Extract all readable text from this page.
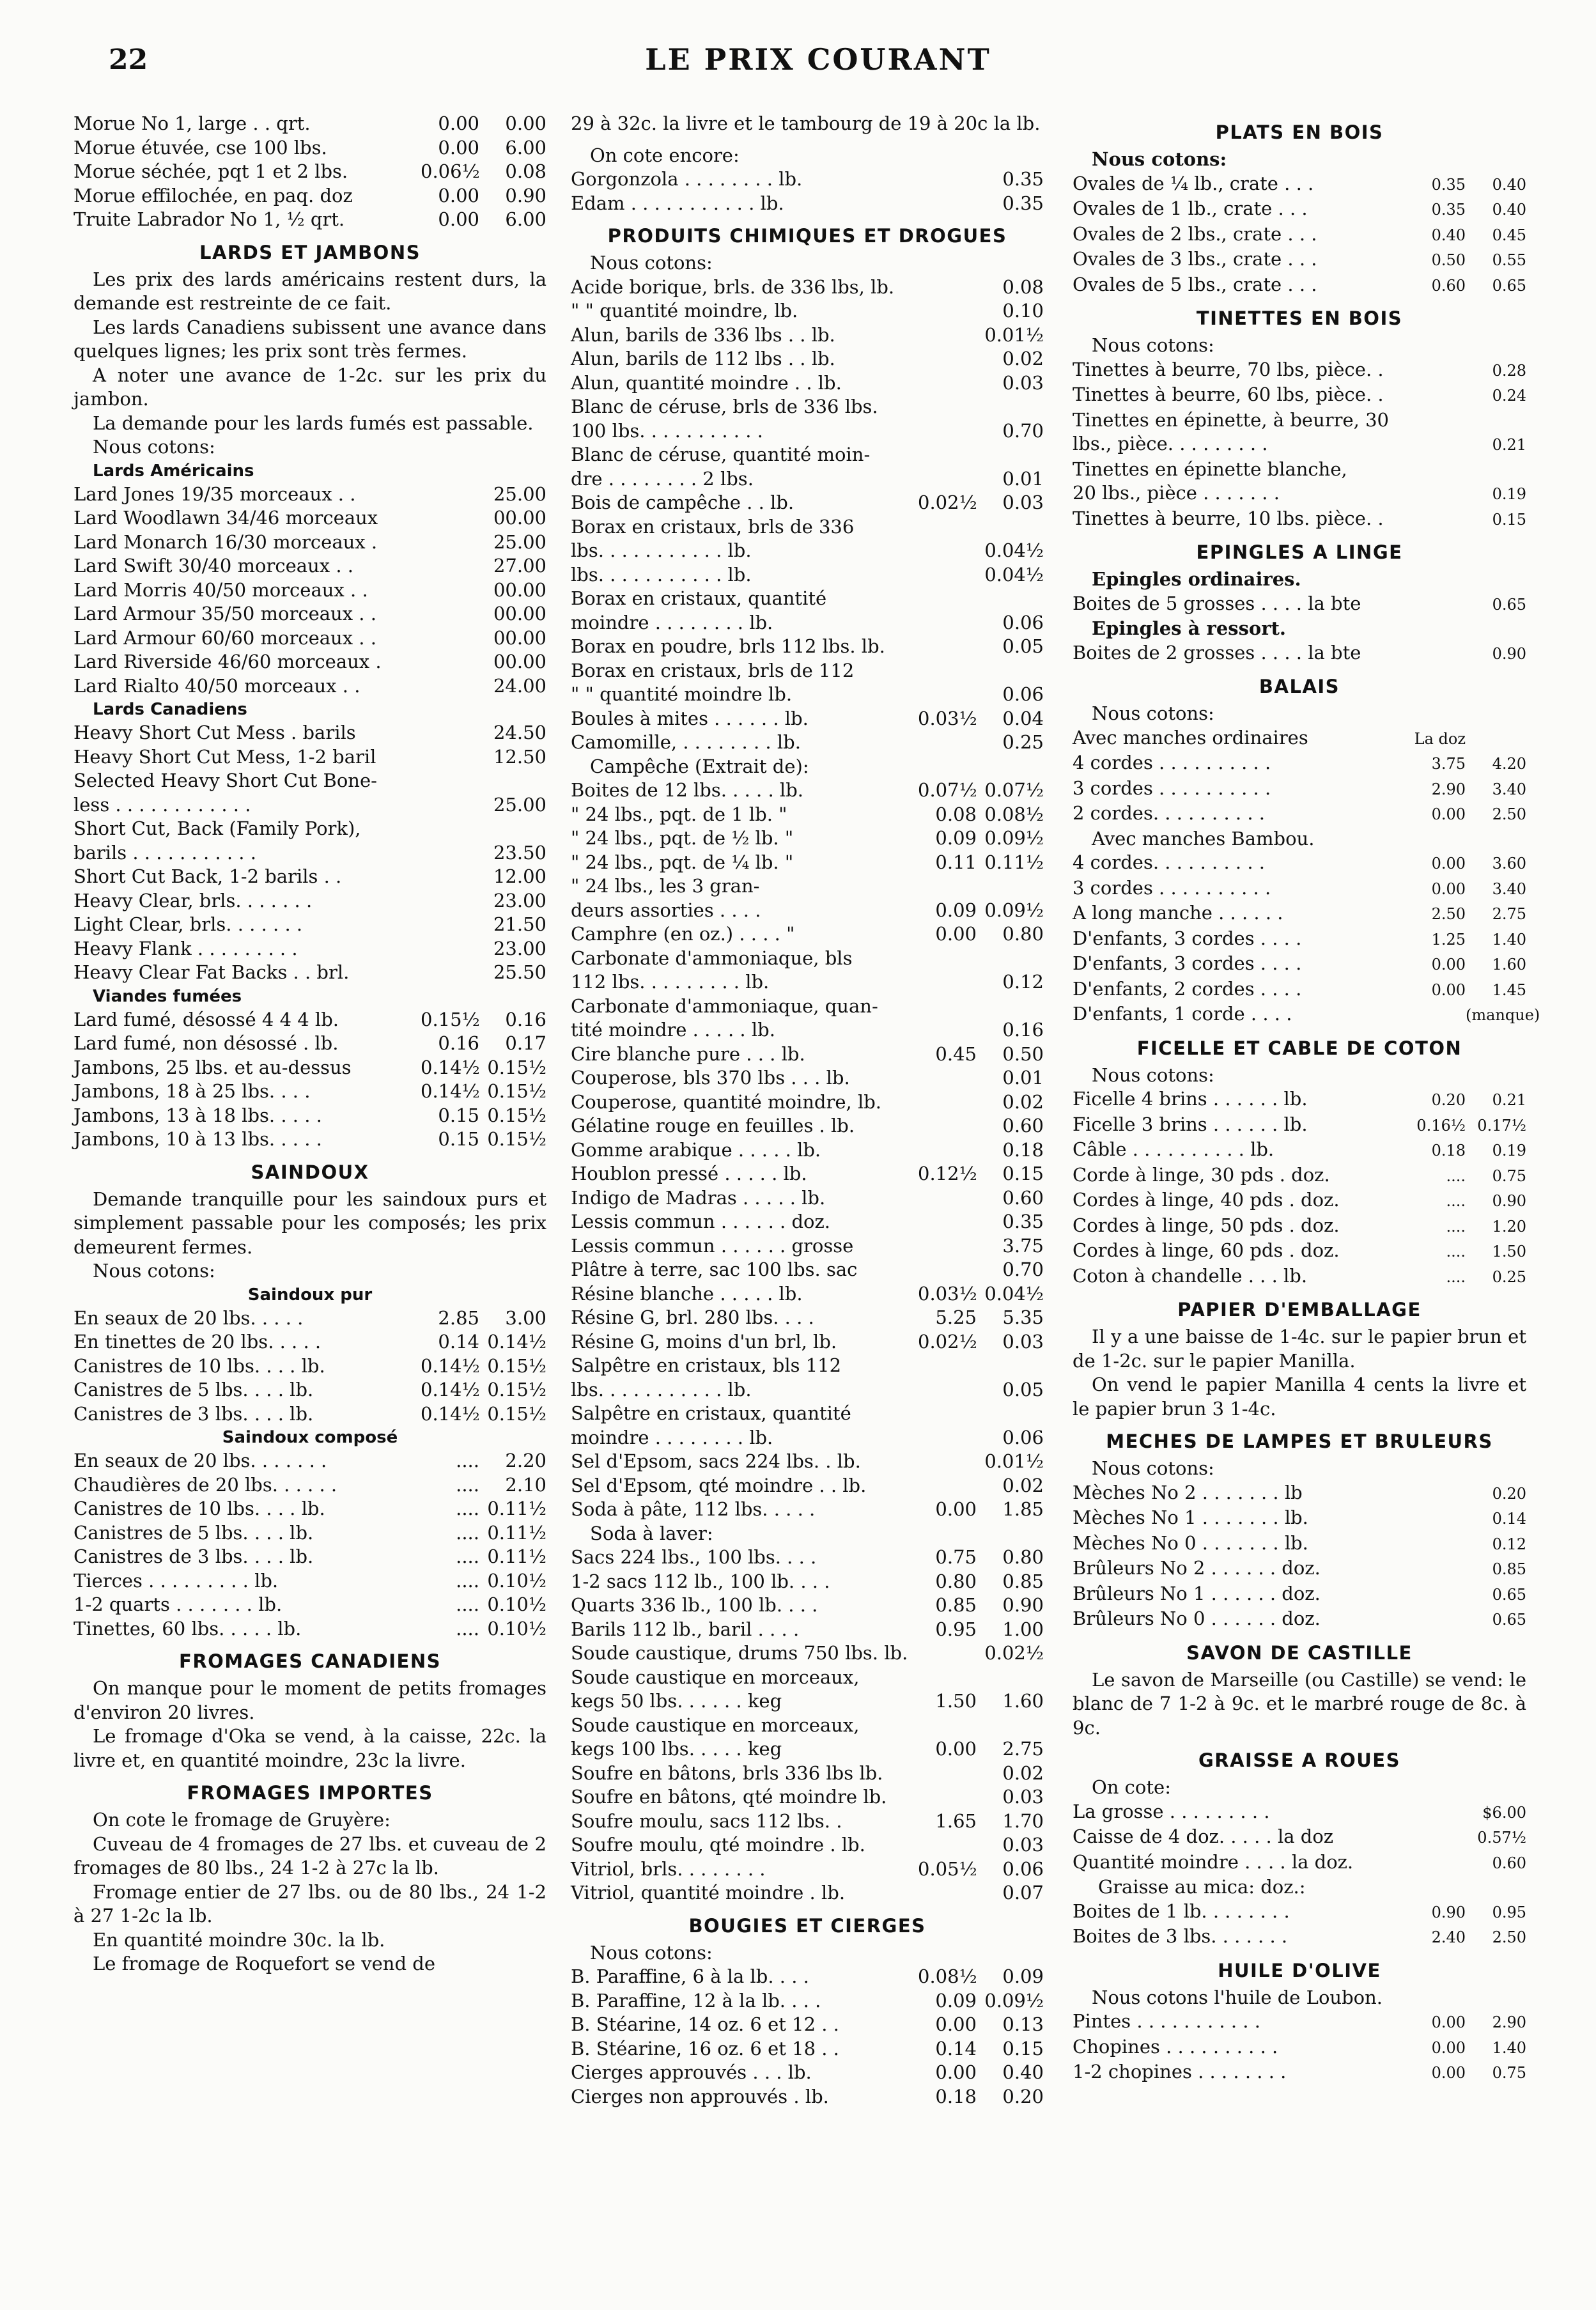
22	LE PRIX COURANT
Morue No 1, large . . qrt.	0.00	0.00
Morue étuvée, cse 100 lbs.	0.00	6.00
Morue séchée, pqt 1 et 2 lbs.	0.06½	0.08
Morue effilochée, en paq. doz	0.00	0.90
Truite Labrador No 1, ½ qrt.	0.00	6.00
LARDS ET JAMBONS
Les prix des lards américains restent durs, la demande est restreinte de ce fait.
Les lards Canadiens subissent une avance dans quelques lignes; les prix sont très fermes.
A noter une avance de 1-2c. sur les prix du jambon.
La demande pour les lards fumés est passable.
Nous cotons:
Lards Américains
Lard Jones 19/35 morceaux . .	25.00
Lard Woodlawn 34/46 morceaux	00.00
Lard Monarch 16/30 morceaux .	25.00
Lard Swift 30/40 morceaux . .	27.00
Lard Morris 40/50 morceaux . .	00.00
Lard Armour 35/50 morceaux . .	00.00
Lard Armour 60/60 morceaux . .	00.00
Lard Riverside 46/60 morceaux .	00.00
Lard Rialto 40/50 morceaux . .	24.00
Lards Canadiens
Heavy Short Cut Mess . barils	24.50
Heavy Short Cut Mess, 1-2 baril	12.50
Selected Heavy Short Cut Bone-
less . . . . . . . . . . . .	25.00
Short Cut, Back (Family Pork),
barils . . . . . . . . . . .	23.50
Short Cut Back, 1-2 barils . .	12.00
Heavy Clear, brls. . . . . . .	23.00
Light Clear, brls. . . . . . .	21.50
Heavy Flank . . . . . . . . .	23.00
Heavy Clear Fat Backs . . brl.	25.50
Viandes fumées
Lard fumé, désossé 4 4 4 lb.	0.15½	0.16
Lard fumé, non désossé . lb.	0.16	0.17
Jambons, 25 lbs. et au-dessus	0.14½ 0.15½
Jambons, 18 à 25 lbs. . . .	0.14½ 0.15½
Jambons, 13 à 18 lbs. . . . .	0.15 0.15½
Jambons, 10 à 13 lbs. . . . .	0.15 0.15½
SAINDOUX
Demande tranquille pour les saindoux purs et simplement passable pour les composés; les prix demeurent fermes.
Nous cotons:
Saindoux pur
En seaux de 20 lbs. . . . .	2.85	3.00
En tinettes de 20 lbs. . . . .	0.14 0.14½
Canistres de 10 lbs. . . . lb.	0.14½ 0.15½
Canistres de 5 lbs. . . . lb.	0.14½ 0.15½
Canistres de 3 lbs. . . . lb.	0.14½ 0.15½
Saindoux composé
En seaux de 20 lbs. . . . . . .	....	2.20
Chaudières de 20 lbs. . . . . .	....	2.10
Canistres de 10 lbs. . . . lb.	.... 0.11½
Canistres de 5 lbs. . . . lb.	.... 0.11½
Canistres de 3 lbs. . . . lb.	.... 0.11½
Tierces . . . . . . . . . lb.	.... 0.10½
1-2 quarts . . . . . . . lb.	.... 0.10½
Tinettes, 60 lbs. . . . . lb.	.... 0.10½
FROMAGES CANADIENS
On manque pour le moment de petits fromages d'environ 20 livres.
Le fromage d'Oka se vend, à la caisse, 22c. la livre et, en quantité moindre, 23c la livre.
FROMAGES IMPORTES
On cote le fromage de Gruyère:
Cuveau de 4 fromages de 27 lbs. et cuveau de 2 fromages de 80 lbs., 24 1-2 à 27c la lb.
Fromage entier de 27 lbs. ou de 80 lbs., 24 1-2 à 27 1-2c la lb.
En quantité moindre 30c. la lb.
Le fromage de Roquefort se vend de
29 à 32c. la livre et le tambourg de 19 à 20c la lb.
On cote encore:
Gorgonzola . . . . . . . . lb.	0.35
Edam . . . . . . . . . . . lb.	0.35
PRODUITS CHIMIQUES ET DROGUES
Nous cotons:
Acide borique, brls. de 336 lbs, lb.	0.08
" " quantité moindre, lb.	0.10
Alun, barils de 336 lbs . . lb.	0.01½
Alun, barils de 112 lbs . . lb.	0.02
Alun, quantité moindre . . lb.	0.03
Blanc de céruse, brls de 336 lbs.
100 lbs. . . . . . . . . . .	0.70
Blanc de céruse, quantité moin-
dre . . . . . . . . 2 lbs.	0.01
Bois de campêche . . lb.	0.02½	0.03
Borax en cristaux, brls de 336
lbs. . . . . . . . . . . lb.	0.04½
lbs. . . . . . . . . . . lb.	0.04½
Borax en cristaux, quantité
moindre . . . . . . . . lb.	0.06
Borax en poudre, brls 112 lbs. lb.	0.05
Borax en cristaux, brls de 112
" " quantité moindre lb.	0.06
Boules à mites . . . . . . lb.	0.03½	0.04
Camomille, . . . . . . . . lb.	0.25
Campêche (Extrait de):
Boites de 12 lbs. . . . . lb.	0.07½ 0.07½
" 24 lbs., pqt. de 1 lb. "	0.08 0.08½
" 24 lbs., pqt. de ½ lb. "	0.09 0.09½
" 24 lbs., pqt. de ¼ lb. "	0.11 0.11½
" 24 lbs., les 3 gran-
deurs assorties . . . .	0.09 0.09½
Camphre (en oz.) . . . . "	0.00	0.80
Carbonate d'ammoniaque, bls
112 lbs. . . . . . . . . lb.	0.12
Carbonate d'ammoniaque, quan-
tité moindre . . . . . lb.	0.16
Cire blanche pure . . . lb.	0.45	0.50
Couperose, bls 370 lbs . . . lb.	0.01
Couperose, quantité moindre, lb.	0.02
Gélatine rouge en feuilles . lb.	0.60
Gomme arabique . . . . . lb.	0.18
Houblon pressé . . . . . lb.	0.12½	0.15
Indigo de Madras . . . . . lb.	0.60
Lessis commun . . . . . . doz.	0.35
Lessis commun . . . . . . grosse	3.75
Plâtre à terre, sac 100 lbs. sac	0.70
Résine blanche . . . . . lb.	0.03½ 0.04½
Résine G, brl. 280 lbs. . . .	5.25	5.35
Résine G, moins d'un brl, lb.	0.02½	0.03
Salpêtre en cristaux, bls 112
lbs. . . . . . . . . . . lb.	0.05
Salpêtre en cristaux, quantité
moindre . . . . . . . . lb.	0.06
Sel d'Epsom, sacs 224 lbs. . lb.	0.01½
Sel d'Epsom, qté moindre . . lb.	0.02
Soda à pâte, 112 lbs. . . . .	0.00	1.85
Soda à laver:
Sacs 224 lbs., 100 lbs. . . .	0.75	0.80
1-2 sacs 112 lb., 100 lb. . . .	0.80	0.85
Quarts 336 lb., 100 lb. . . .	0.85	0.90
Barils 112 lb., baril . . . .	0.95	1.00
Soude caustique, drums 750 lbs. lb.	0.02½
Soude caustique en morceaux,
kegs 50 lbs. . . . . . keg	1.50	1.60
Soude caustique en morceaux,
kegs 100 lbs. . . . . keg	0.00	2.75
Soufre en bâtons, brls 336 lbs lb.	0.02
Soufre en bâtons, qté moindre lb.	0.03
Soufre moulu, sacs 112 lbs. .	1.65	1.70
Soufre moulu, qté moindre . lb.	0.03
Vitriol, brls. . . . . . . .	0.05½	0.06
Vitriol, quantité moindre . lb.	0.07
BOUGIES ET CIERGES
Nous cotons:
B. Paraffine, 6 à la lb. . . .	0.08½	0.09
B. Paraffine, 12 à la lb. . . .	0.09 0.09½
B. Stéarine, 14 oz. 6 et 12 . .	0.00	0.13
B. Stéarine, 16 oz. 6 et 18 . .	0.14	0.15
Cierges approuvés . . . lb.	0.00	0.40
Cierges non approuvés . lb.	0.18	0.20
PLATS EN BOIS
Nous cotons:
Ovales de ¼ lb., crate . . .	0.35	0.40
Ovales de 1 lb., crate . . .	0.35	0.40
Ovales de 2 lbs., crate . . .	0.40	0.45
Ovales de 3 lbs., crate . . .	0.50	0.55
Ovales de 5 lbs., crate . . .	0.60	0.65
TINETTES EN BOIS
Nous cotons:
Tinettes à beurre, 70 lbs, pièce. .	0.28
Tinettes à beurre, 60 lbs, pièce. .	0.24
Tinettes en épinette, à beurre, 30
lbs., pièce. . . . . . . . .	0.21
Tinettes en épinette blanche,
20 lbs., pièce . . . . . . .	0.19
Tinettes à beurre, 10 lbs. pièce. .	0.15
EPINGLES A LINGE
Epingles ordinaires.
Boites de 5 grosses . . . . la bte	0.65
Epingles à ressort.
Boites de 2 grosses . . . . la bte	0.90
BALAIS
Nous cotons:
Avec manches ordinaires	La doz
4 cordes . . . . . . . . . .	3.75	4.20
3 cordes . . . . . . . . . .	2.90	3.40
2 cordes. . . . . . . . . .	0.00	2.50
Avec manches Bambou.
4 cordes. . . . . . . . . .	0.00	3.60
3 cordes . . . . . . . . . .	0.00	3.40
A long manche . . . . . .	2.50	2.75
D'enfants, 3 cordes . . . .	1.25	1.40
D'enfants, 3 cordes . . . .	0.00	1.60
D'enfants, 2 cordes . . . .	0.00	1.45
D'enfants, 1 corde . . . .	(manque)
FICELLE ET CABLE DE COTON
Nous cotons:
Ficelle 4 brins . . . . . . lb.	0.20	0.21
Ficelle 3 brins . . . . . . lb.	0.16½ 0.17½
Câble . . . . . . . . . . lb.	0.18	0.19
Corde à linge, 30 pds . doz.	....	0.75
Cordes à linge, 40 pds . doz.	....	0.90
Cordes à linge, 50 pds . doz.	....	1.20
Cordes à linge, 60 pds . doz.	....	1.50
Coton à chandelle . . . lb.	....	0.25
PAPIER D'EMBALLAGE
Il y a une baisse de 1-4c. sur le papier brun et de 1-2c. sur le papier Manilla.
On vend le papier Manilla 4 cents la livre et le papier brun 3 1-4c.
MECHES DE LAMPES ET BRULEURS
Nous cotons:
Mèches No 2 . . . . . . . lb	0.20
Mèches No 1 . . . . . . . lb.	0.14
Mèches No 0 . . . . . . . lb.	0.12
Brûleurs No 2 . . . . . . doz.	0.85
Brûleurs No 1 . . . . . . doz.	0.65
Brûleurs No 0 . . . . . . doz.	0.65
SAVON DE CASTILLE
Le savon de Marseille (ou Castille) se vend: le blanc de 7 1-2 à 9c. et le marbré rouge de 8c. à 9c.
GRAISSE A ROUES
On cote:
La grosse . . . . . . . . .	$6.00
Caisse de 4 doz. . . . . la doz	0.57½
Quantité moindre . . . . la doz.	0.60
Graisse au mica: doz.:
Boites de 1 lb. . . . . . . .	0.90	0.95
Boites de 3 lbs. . . . . . .	2.40	2.50
HUILE D'OLIVE
Nous cotons l'huile de Loubon.
Pintes . . . . . . . . . . .	0.00	2.90
Chopines . . . . . . . . . .	0.00	1.40
1-2 chopines . . . . . . . .	0.00	0.75
